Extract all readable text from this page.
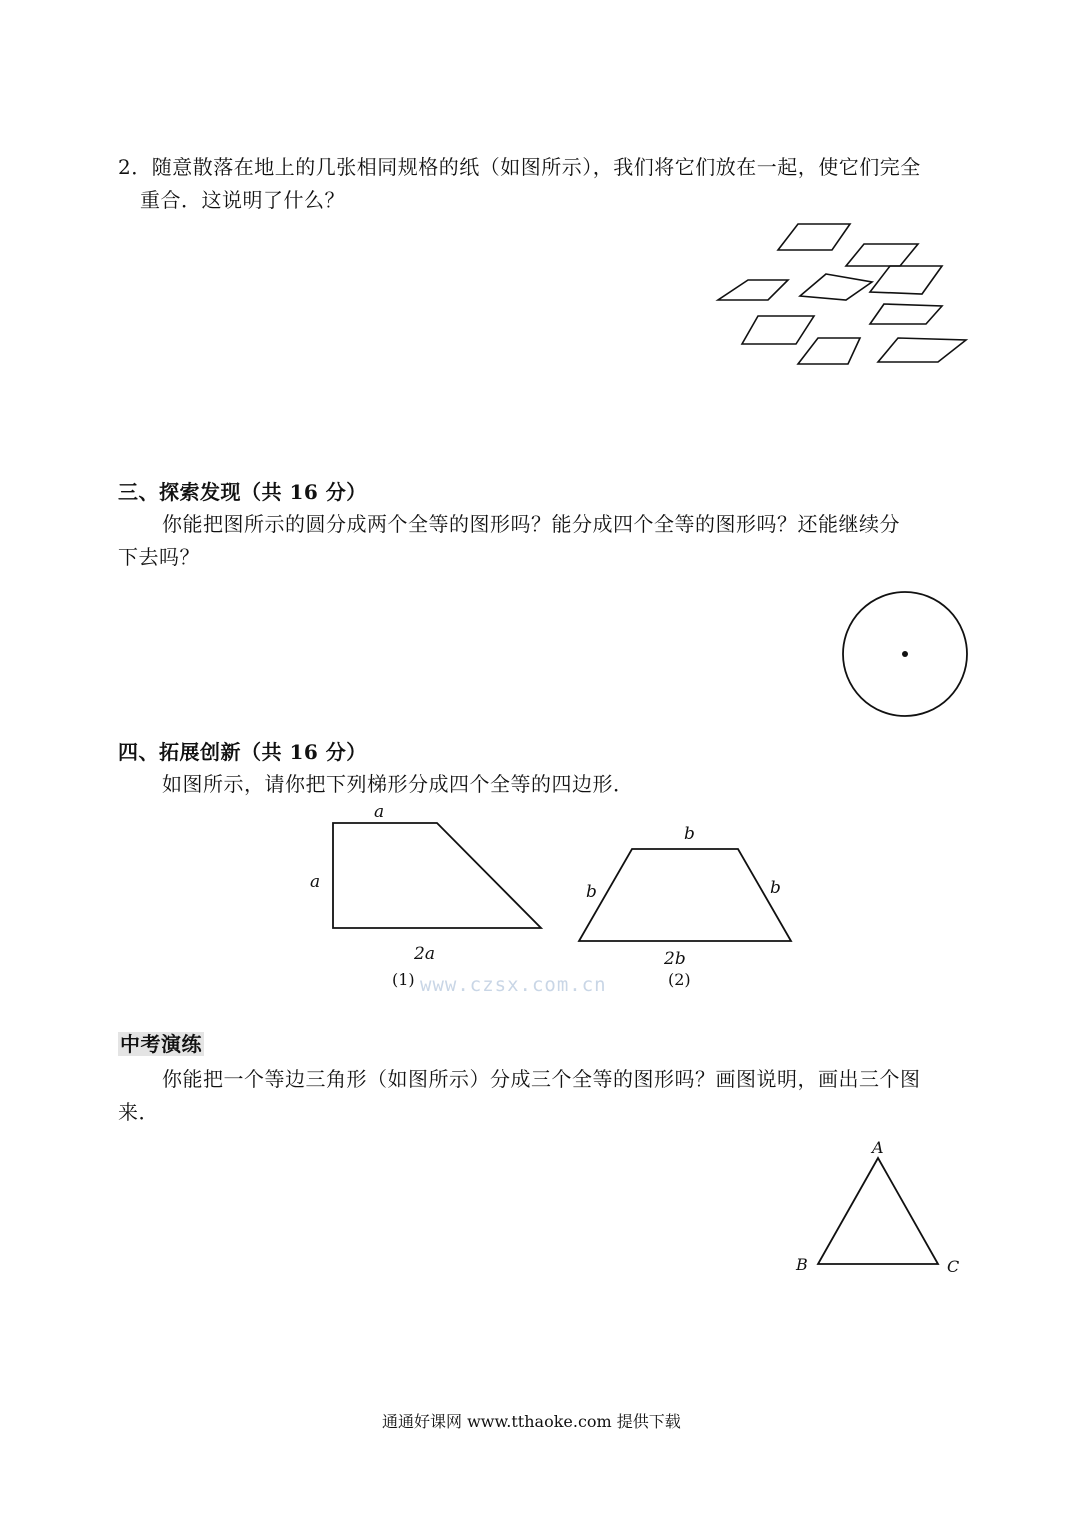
2．随意散落在地上的几张相同规格的纸（如图所示），我们将它们放在一起，使它们完全
重合．这说明了什么？
三、探索发现（共 16 分）
你能把图所示的圆分成两个全等的图形吗？能分成四个全等的图形吗？还能继续分
下去吗？
四、拓展创新（共 16 分）
如图所示，请你把下列梯形分成四个全等的四边形．
a
a
2a
(1)
b
b	b
2b
(2)
www.czsx.com.cn
中考演练
你能把一个等边三角形（如图所示）分成三个全等的图形吗？画图说明，画出三个图
来．
A
B	C
通通好课网 www.tthaoke.com 提供下载
